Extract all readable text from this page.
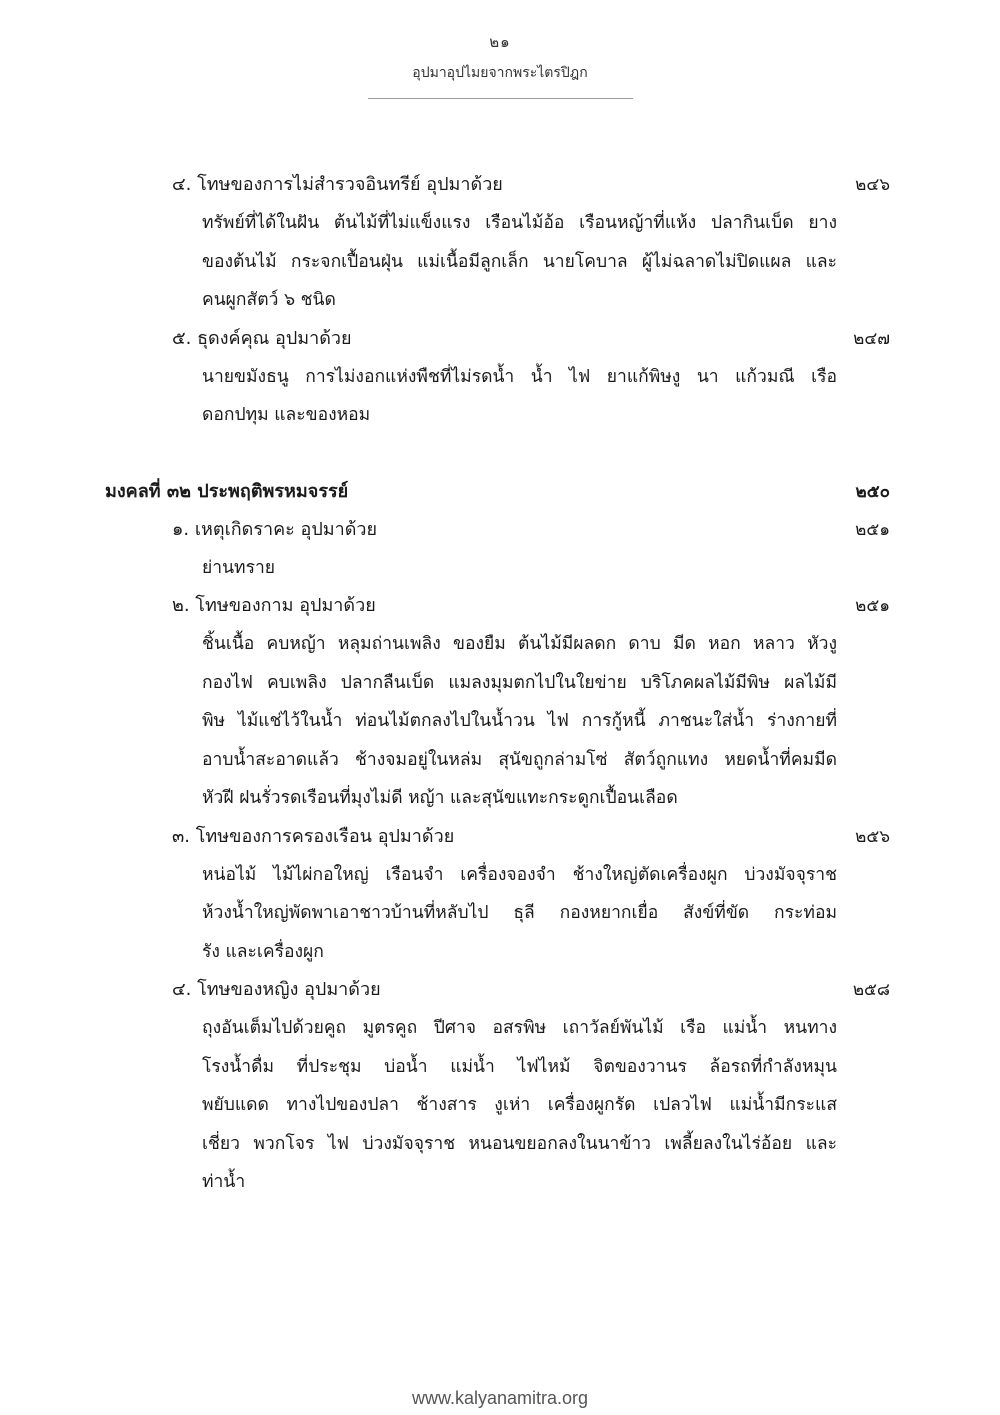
๒๑
อุปมาอุปไมยจากพระไตรปิฎก
๔. โทษของการไม่สำรวจอินทรีย์ อุปมาด้วย	๒๔๖
ทรัพย์ที่ได้ในฝัน ต้นไม้ที่ไม่แข็งแรง เรือนไม้อ้อ เรือนหญ้าที่แห้ง ปลากินเบ็ด ยาง
ของต้นไม้ กระจกเปื้อนฝุ่น แม่เนื้อมีลูกเล็ก นายโคบาล ผู้ไม่ฉลาดไม่ปิดแผล และ
คนผูกสัตว์ ๖ ชนิด
๕. ธุดงค์คุณ อุปมาด้วย	๒๔๗
นายขมังธนู การไม่งอกแห่งพืชที่ไม่รดน้ำ น้ำ ไฟ ยาแก้พิษงู นา แก้วมณี เรือ
ดอกปทุม และของหอม
มงคลที่ ๓๒ ประพฤติพรหมจรรย์	๒๕๐
๑. เหตุเกิดราคะ อุปมาด้วย	๒๕๑
ย่านทราย
๒. โทษของกาม อุปมาด้วย	๒๕๑
ชิ้นเนื้อ คบหญ้า หลุมถ่านเพลิง ของยืม ต้นไม้มีผลดก ดาบ มีด หอก หลาว หัวงู
กองไฟ คบเพลิง ปลากลืนเบ็ด แมลงมุมตกไปในใยข่าย บริโภคผลไม้มีพิษ ผลไม้มี
พิษ ไม้แช่ไว้ในน้ำ ท่อนไม้ตกลงไปในน้ำวน ไฟ การกู้หนี้ ภาชนะใส่น้ำ ร่างกายที่
อาบน้ำสะอาดแล้ว ช้างจมอยู่ในหล่ม สุนัขถูกล่ามโซ่ สัตว์ถูกแทง หยดน้ำที่คมมีด
หัวฝี ฝนรั่วรดเรือนที่มุงไม่ดี หญ้า และสุนัขแทะกระดูกเปื้อนเลือด
๓. โทษของการครองเรือน อุปมาด้วย	๒๕๖
หน่อไม้ ไม้ไผ่กอใหญ่ เรือนจำ เครื่องจองจำ ช้างใหญ่ตัดเครื่องผูก บ่วงมัจจุราช
ห้วงน้ำใหญ่พัดพาเอาชาวบ้านที่หลับไป ธุลี กองหยากเยื่อ สังข์ที่ขัด กระท่อม
รัง และเครื่องผูก
๔. โทษของหญิง อุปมาด้วย	๒๕๘
ถุงอันเต็มไปด้วยคูถ มูตรคูถ ปีศาจ อสรพิษ เถาวัลย์พันไม้ เรือ แม่น้ำ หนทาง
โรงน้ำดื่ม ที่ประชุม บ่อน้ำ แม่น้ำ ไฟไหม้ จิตของวานร ล้อรถที่กำลังหมุน
พยับแดด ทางไปของปลา ช้างสาร งูเห่า เครื่องผูกรัด เปลวไฟ แม่น้ำมีกระแส
เชี่ยว พวกโจร ไฟ บ่วงมัจจุราช หนอนขยอกลงในนาข้าว เพลี้ยลงในไร่อ้อย และ
ท่าน้ำ
www.kalyanamitra.org
